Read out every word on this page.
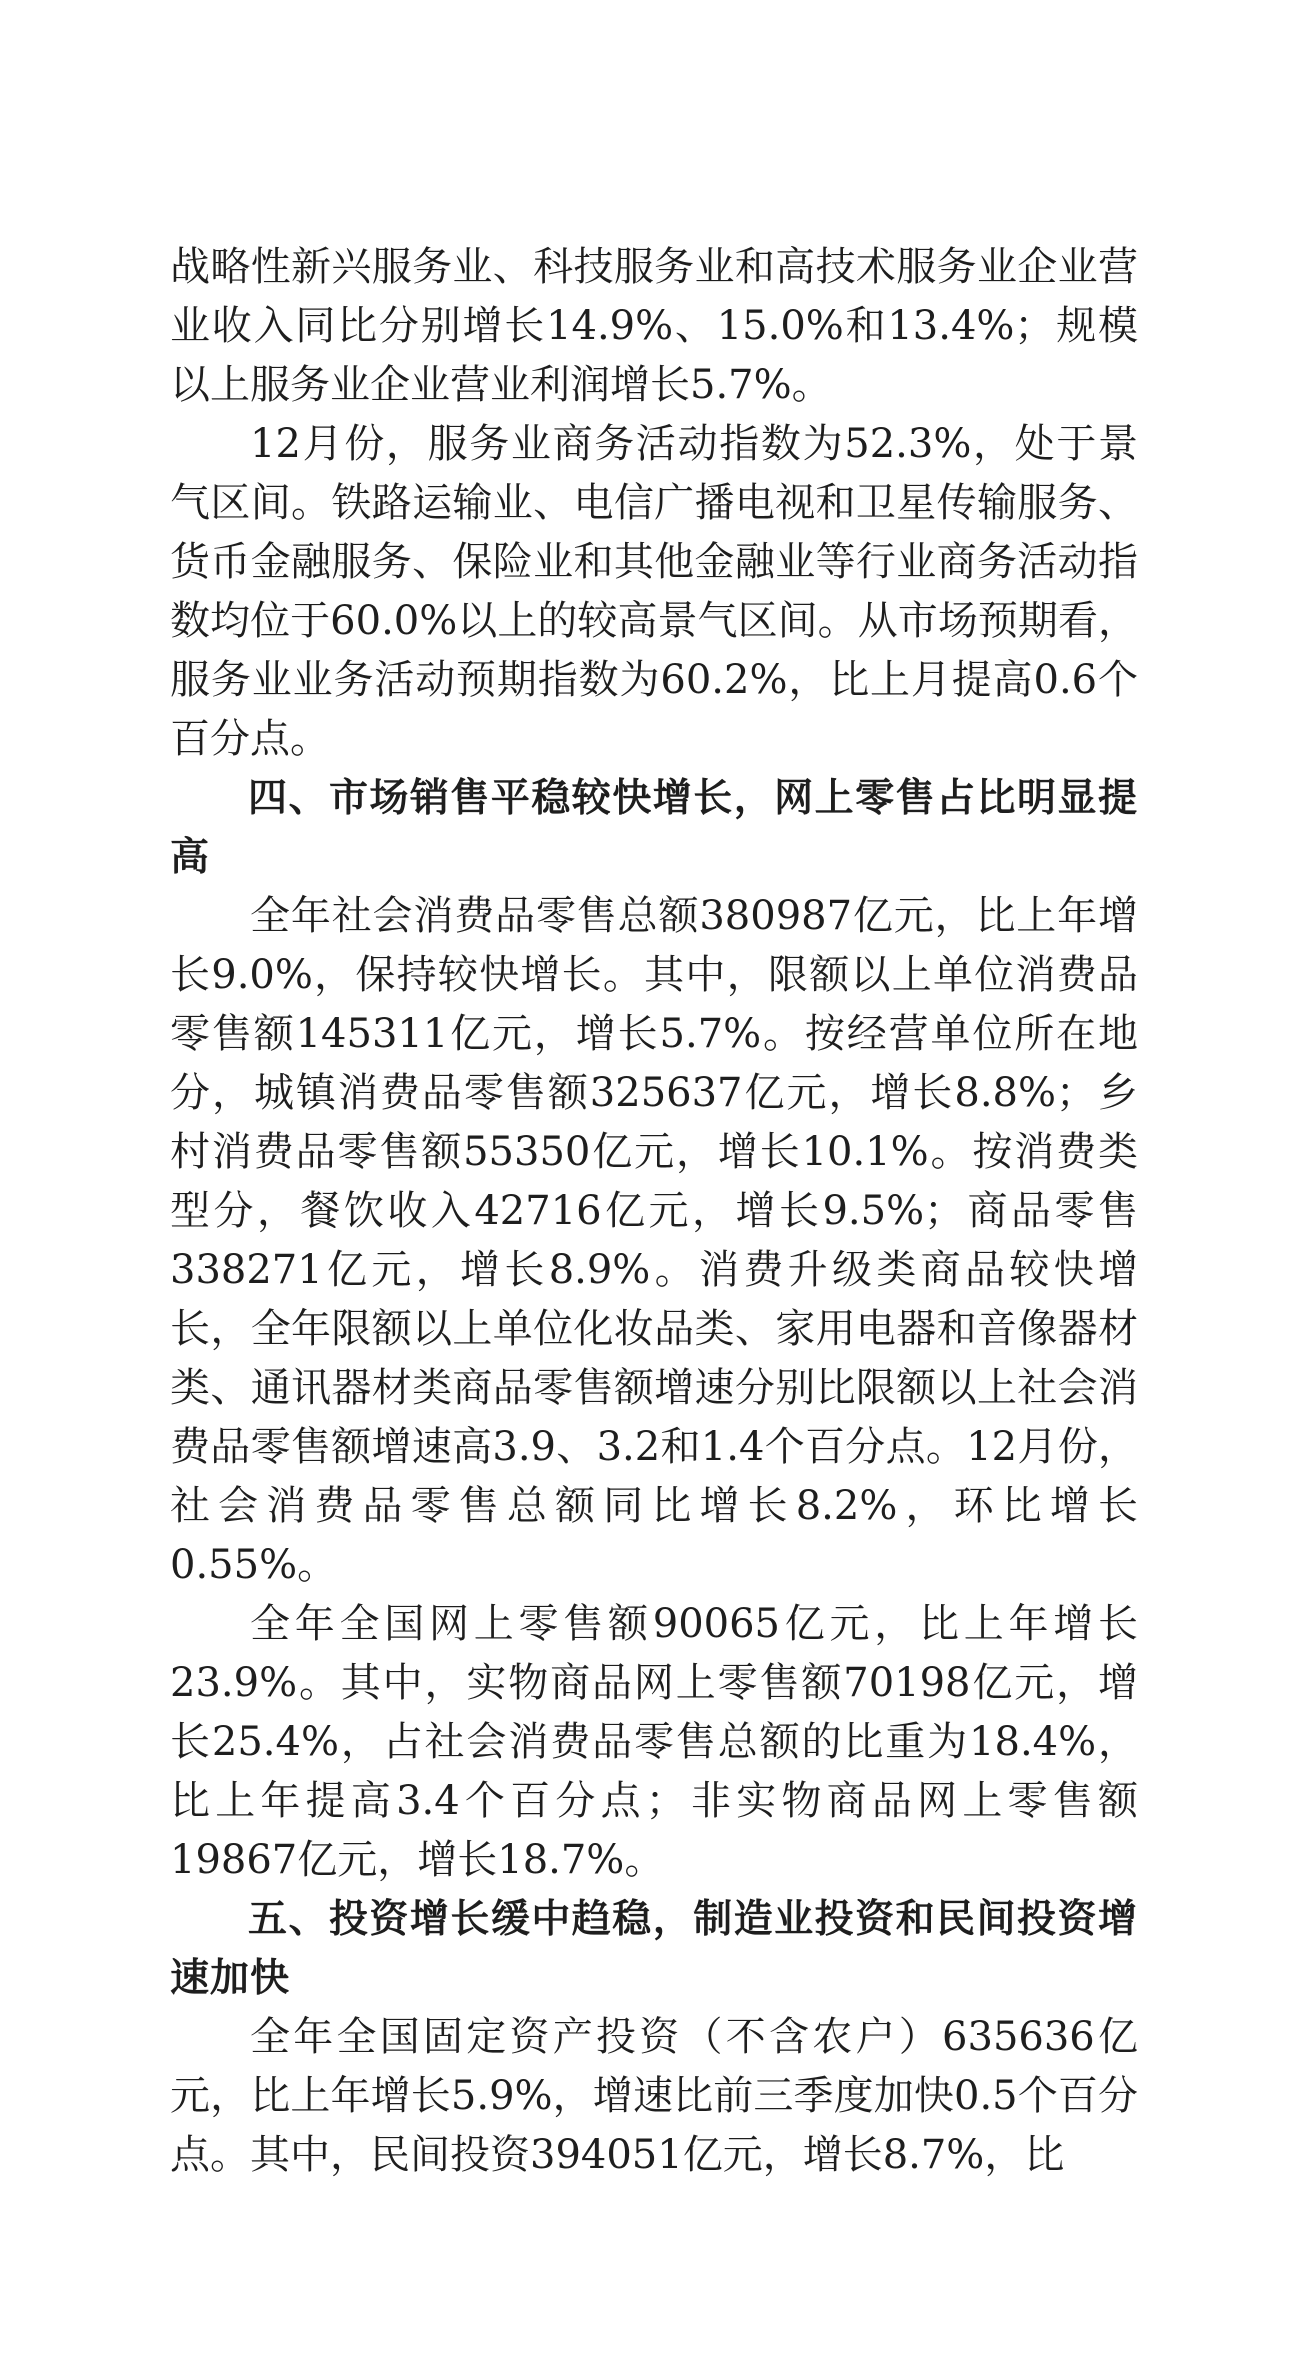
战略性新兴服务业、科技服务业和高技术服务业企业营业收入同比分别增长14.9%、15.0%和13.4%；规模以上服务业企业营业利润增长5.7%。

12月份，服务业商务活动指数为52.3%，处于景气区间。铁路运输业、电信广播电视和卫星传输服务、货币金融服务、保险业和其他金融业等行业商务活动指数均位于60.0%以上的较高景气区间。从市场预期看，服务业业务活动预期指数为60.2%，比上月提高0.6个百分点。

四、市场销售平稳较快增长，网上零售占比明显提高

全年社会消费品零售总额380987亿元，比上年增长9.0%，保持较快增长。其中，限额以上单位消费品零售额145311亿元，增长5.7%。按经营单位所在地分，城镇消费品零售额325637亿元，增长8.8%；乡村消费品零售额55350亿元，增长10.1%。按消费类型分，餐饮收入42716亿元，增长9.5%；商品零售338271亿元，增长8.9%。消费升级类商品较快增长，全年限额以上单位化妆品类、家用电器和音像器材类、通讯器材类商品零售额增速分别比限额以上社会消费品零售额增速高3.9、3.2和1.4个百分点。12月份，社会消费品零售总额同比增长8.2%，环比增长0.55%。

全年全国网上零售额90065亿元，比上年增长23.9%。其中，实物商品网上零售额70198亿元，增长25.4%，占社会消费品零售总额的比重为18.4%，比上年提高3.4个百分点；非实物商品网上零售额19867亿元，增长18.7%。

五、投资增长缓中趋稳，制造业投资和民间投资增速加快

全年全国固定资产投资（不含农户）635636亿元，比上年增长5.9%，增速比前三季度加快0.5个百分点。其中，民间投资394051亿元，增长8.7%，比
